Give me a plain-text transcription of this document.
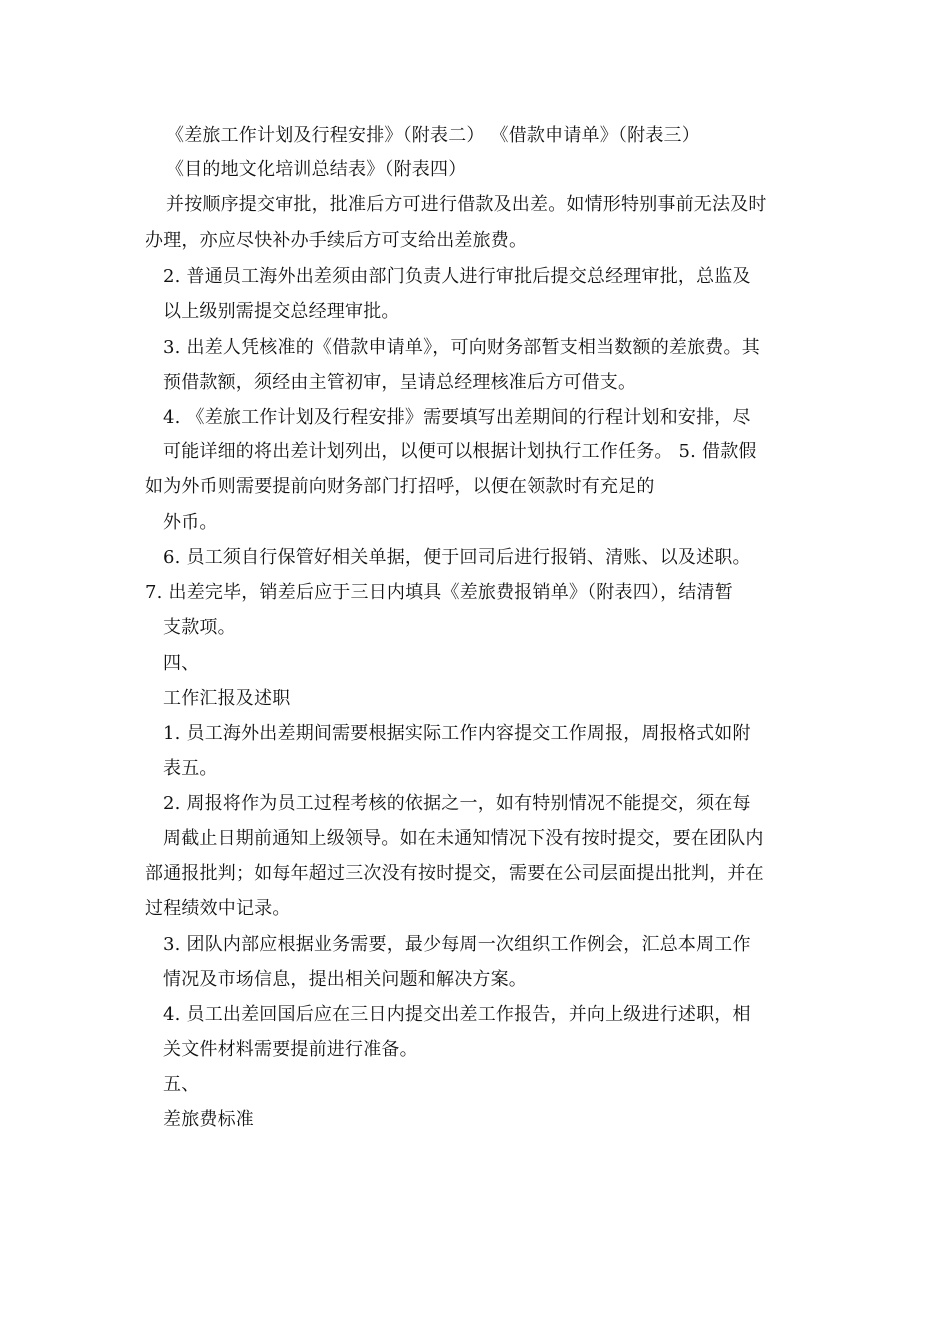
《差旅工作计划及行程安排》（附表二） 《借款申请单》（附表三）
《目的地文化培训总结表》（附表四）
并按顺序提交审批，批准后方可进行借款及出差。如情形特别事前无法及时
办理，亦应尽快补办手续后方可支给出差旅费。
2. 普通员工海外出差须由部门负责人进行审批后提交总经理审批，总监及
以上级别需提交总经理审批。
3. 出差人凭核准的《借款申请单》，可向财务部暂支相当数额的差旅费。其
预借款额，须经由主管初审，呈请总经理核准后方可借支。
4. 《差旅工作计划及行程安排》需要填写出差期间的行程计划和安排，尽
可能详细的将出差计划列出，以便可以根据计划执行工作任务。 5. 借款假
如为外币则需要提前向财务部门打招呼，以便在领款时有充足的
外币。
6. 员工须自行保管好相关单据，便于回司后进行报销、清账、以及述职。
7. 出差完毕，销差后应于三日内填具《差旅费报销单》（附表四），结清暂
支款项。
四、
工作汇报及述职
1. 员工海外出差期间需要根据实际工作内容提交工作周报，周报格式如附
表五。
2. 周报将作为员工过程考核的依据之一，如有特别情况不能提交，须在每
周截止日期前通知上级领导。如在未通知情况下没有按时提交，要在团队内
部通报批判；如每年超过三次没有按时提交，需要在公司层面提出批判，并在
过程绩效中记录。
3. 团队内部应根据业务需要，最少每周一次组织工作例会，汇总本周工作
情况及市场信息，提出相关问题和解决方案。
4. 员工出差回国后应在三日内提交出差工作报告，并向上级进行述职，相
关文件材料需要提前进行准备。
五、
差旅费标准
